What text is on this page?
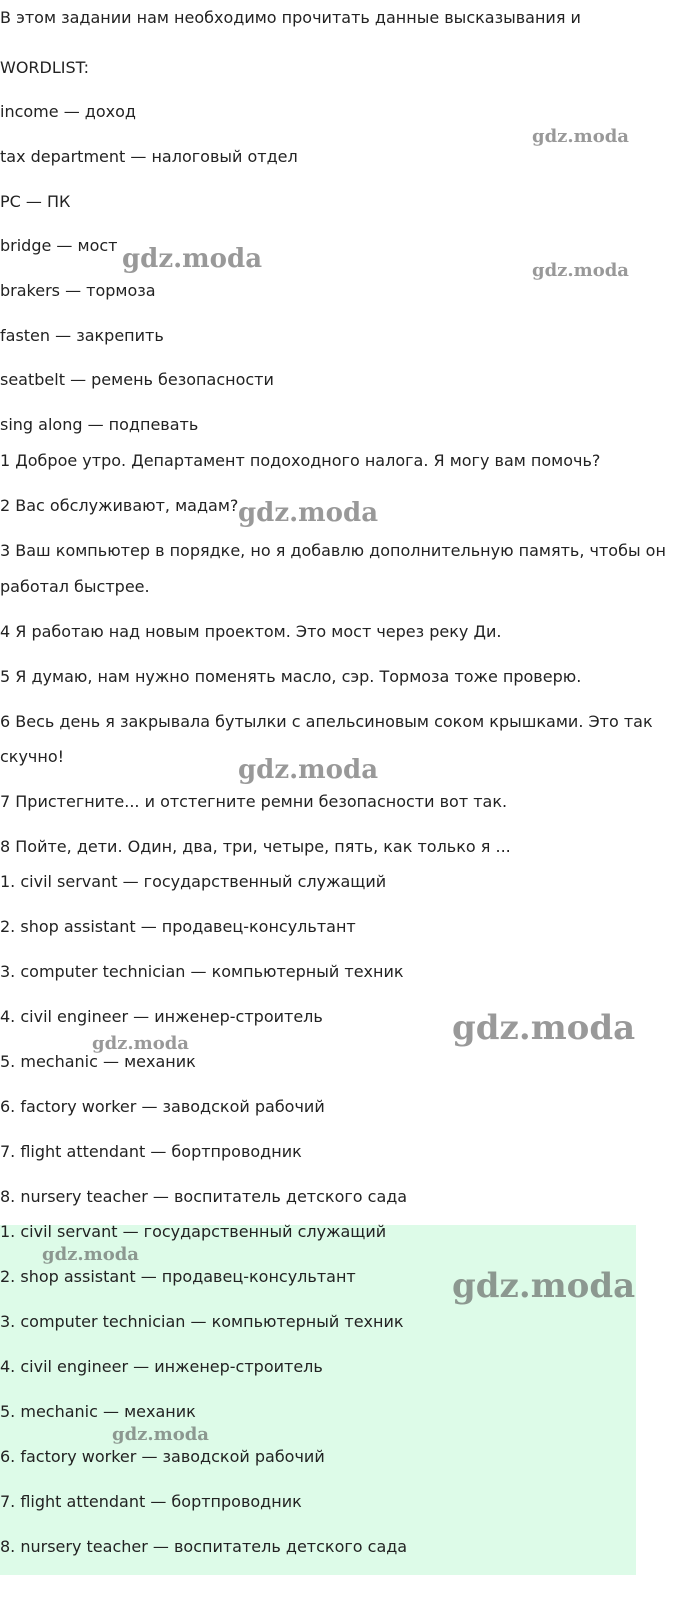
В этом задании нам необходимо прочитать данные высказывания и
WORDLIST:
income — доход
tax department — налоговый отдел
PC — ПК
bridge — мост
brakers — тормоза
fasten — закрепить
seatbelt — ремень безопасности
sing along — подпевать
1 Доброе утро. Департамент подоходного налога. Я могу вам помочь?
2 Вас обслуживают, мадам?
3 Ваш компьютер в порядке, но я добавлю дополнительную память, чтобы он
работал быстрее.
4 Я работаю над новым проектом. Это мост через реку Ди.
5 Я думаю, нам нужно поменять масло, сэр. Тормоза тоже проверю.
6 Весь день я закрывала бутылки с апельсиновым соком крышками. Это так
скучно!
7 Пристегните... и отстегните ремни безопасности вот так.
8 Пойте, дети. Один, два, три, четыре, пять, как только я ...
1. civil servant — государственный служащий
2. shop assistant — продавец-консультант
3. computer technician — компьютерный техник
4. civil engineer — инженер-строитель
5. mechanic — механик
6. factory worker — заводской рабочий
7. flight attendant — бортпроводник
8. nursery teacher — воспитатель детского сада
1. civil servant — государственный служащий
2. shop assistant — продавец-консультант
3. computer technician — компьютерный техник
4. civil engineer — инженер-строитель
5. mechanic — механик
6. factory worker — заводской рабочий
7. flight attendant — бортпроводник
8. nursery teacher — воспитатель детского сада
gdz.moda
gdz.moda	gdz.moda
gdz.moda
gdz.moda
gdz.moda
gdz.moda
gdz.moda
gdz.moda
gdz.moda
